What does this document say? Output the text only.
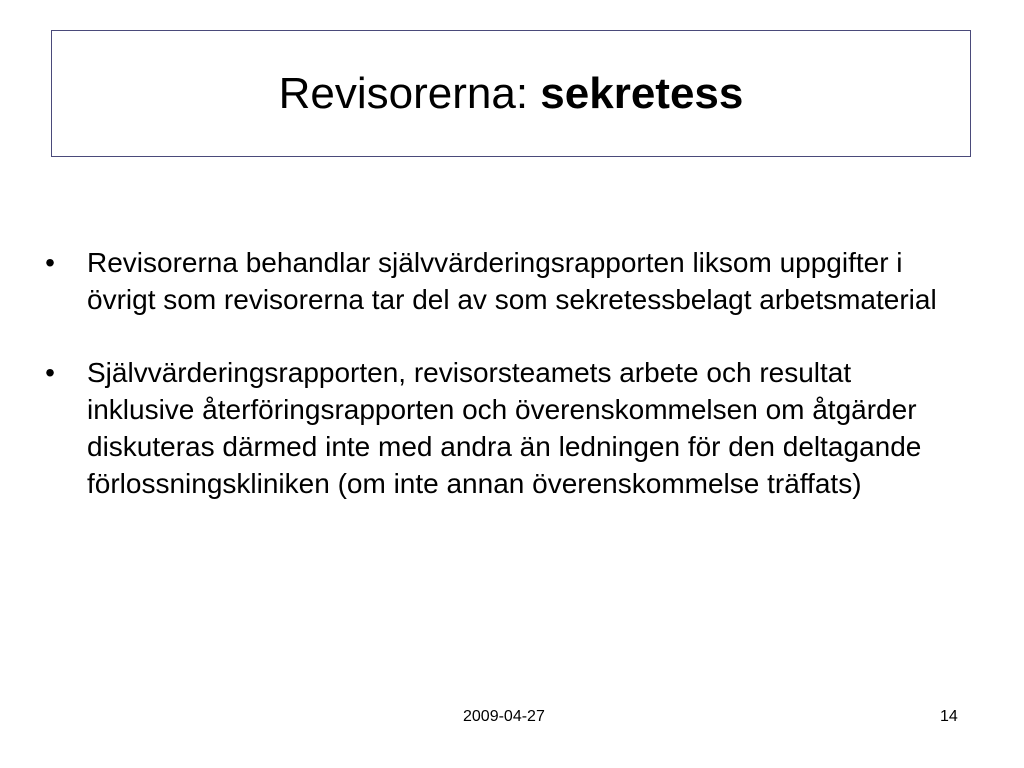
Revisorerna: sekretess
• Revisorerna behandlar självvärderingsrapporten liksom uppgifter i övrigt som revisorerna tar del av som sekretessbelagt arbetsmaterial
• Självvärderingsrapporten, revisorsteamets arbete och resultat inklusive återföringsrapporten och överenskommelsen om åtgärder diskuteras därmed inte med andra än ledningen för den deltagande förlossningskliniken (om inte annan överenskommelse träffats)
2009-04-27	14
